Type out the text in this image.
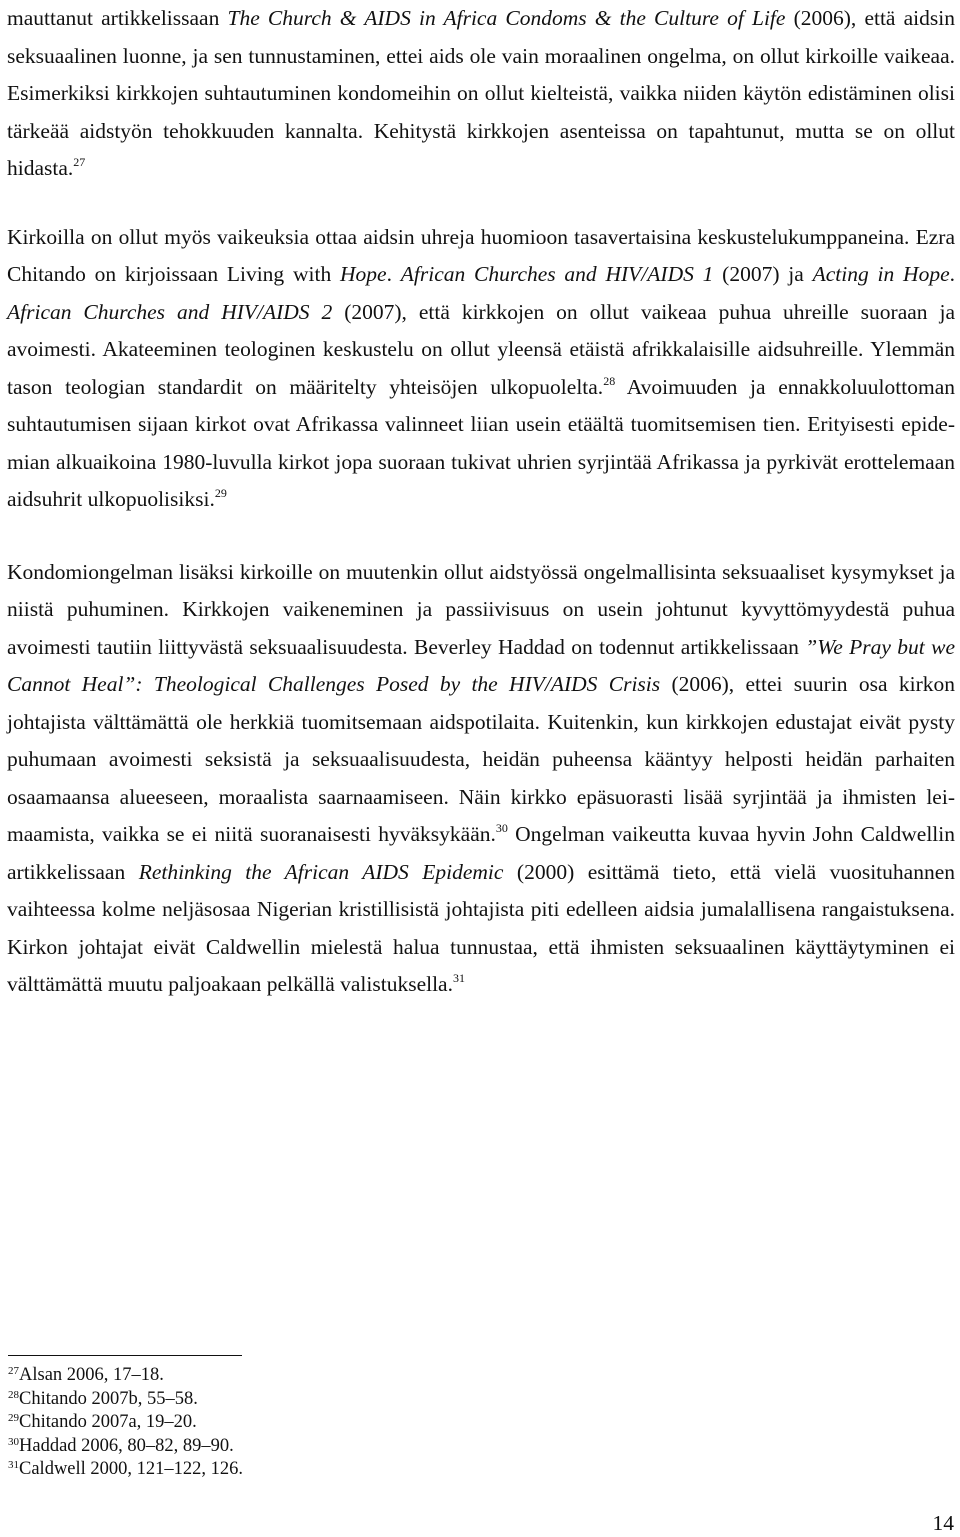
mauttanut artikkelissaan The Church & AIDS in Africa Condoms & the Culture of Life (2006), että aidsin seksuaalinen luonne, ja sen tunnustaminen, ettei aids ole vain moraalinen ongelma, on ollut kirkoille vaikeaa. Esimerkiksi kirkkojen suhtautuminen kondomeihin on ollut kielteistä, vaikka niiden käytön edistäminen olisi tärkeää aidstyön tehokkuuden kannalta. Kehitystä kirkkojen asenteissa on tapahtunut, mutta se on ollut hidasta.$^{27}$

Kirkoilla on ollut myös vaikeuksia ottaa aidsin uhreja huomioon tasavertaisina keskustelukumppaneina. Ezra Chitando on kirjoissaan Living with Hope. African Churches and HIV/AIDS 1 (2007) ja Acting in Hope. African Churches and HIV/AIDS 2 (2007), että kirkkojen on ollut vaikeaa puhua uhreille suoraan ja avoimesti. Akateeminen teologinen keskustelu on ollut yleensä etäistä afrikkalaisille aidsuhreille. Ylemmän tason teologian standardit on määritelty yhteisöjen ulkopuolelta.$^{28}$ Avoimuuden ja ennakkoluulottoman suhtautumisen sijaan kirkot ovat Afrikassa valinneet liian usein etäältä tuomitsemisen tien. Erityisesti epidemian alkuaikoina 1980-luvulla kirkot jopa suoraan tukivat uhrien syrjintää Afrikassa ja pyrkivät erottelemaan aidsuhrit ulkopuolisiksi.$^{29}$

Kondomiongelman lisäksi kirkoille on muutenkin ollut aidstyössä ongelmallisinta seksuaaliset kysymykset ja niistä puhuminen. Kirkkojen vaikeneminen ja passiivisuus on usein johtunut kyvyttömyydestä puhua avoimesti tautiin liittyvästä seksuaalisuudesta. Beverley Haddad on todennut artikkelissaan ”We Pray but we Cannot Heal”: Theological Challenges Posed by the HIV/AIDS Crisis (2006), ettei suurin osa kirkon johtajista välttämättä ole herkkiä tuomitsemaan aidspotilaita. Kuitenkin, kun kirkkojen edustajat eivät pysty puhumaan avoimesti seksistä ja seksuaalisuudesta, heidän puheensa kääntyy helposti heidän parhaiten osaamaansa alueeseen, moraalista saarnaamiseen. Näin kirkko epäsuorasti lisää syrjintää ja ihmisten leimaamista, vaikka se ei niitä suoranaisesti hyväksykään.$^{30}$ Ongelman vaikeutta kuvaa hyvin John Caldwellin artikkelissaan Rethinking the African AIDS Epidemic (2000) esittämä tieto, että vielä vuosituhannen vaihteessa kolme neljäsosaa Nigerian kristillisistä johtajista piti edelleen aidsia jumalallisena rangaistuksena. Kirkon johtajat eivät Caldwellin mielestä halua tunnustaa, että ihmisten seksuaalinen käyttäytyminen ei välttämättä muutu paljoakaan pelkällä valistuksella.$^{31}$

$^{27}$Alsan 2006, 17–18.
$^{28}$Chitando 2007b, 55–58.
$^{29}$Chitando 2007a, 19–20.
$^{30}$Haddad 2006, 80–82, 89–90.
$^{31}$Caldwell 2000, 121–122, 126.
14
